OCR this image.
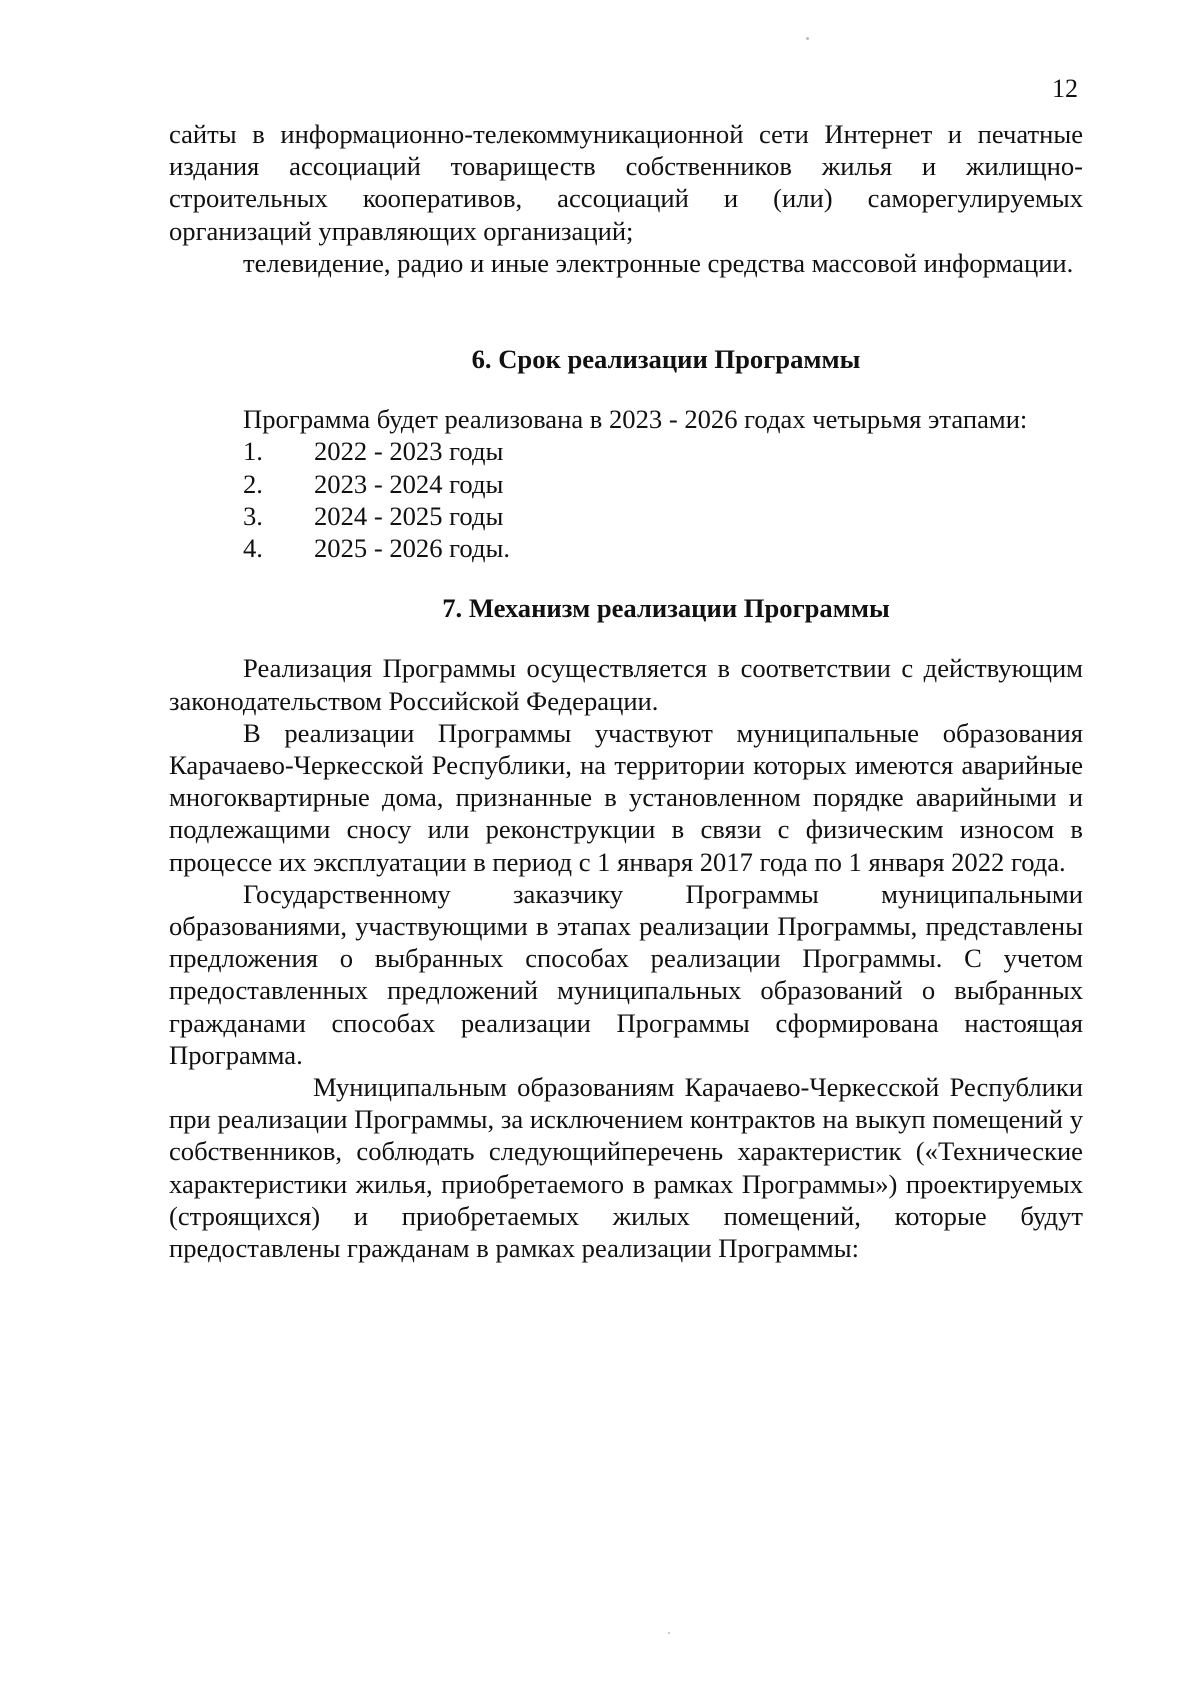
12

сайты в информационно-телекоммуникационной сети Интернет и печатные издания ассоциаций товариществ собственников жилья и жилищно-строительных кооперативов, ассоциаций и (или) саморегулируемых организаций управляющих организаций;

телевидение, радио и иные электронные средства массовой информации.

6. Срок реализации Программы

Программа будет реализована в 2023 - 2026 годах четырьмя этапами:

1.	2022 - 2023 годы
2.	2023 - 2024 годы
3.	2024 - 2025 годы
4.	2025 - 2026 годы.
7. Механизм реализации Программы

Реализация Программы осуществляется в соответствии с действующим законодательством Российской Федерации.

В реализации Программы участвуют муниципальные образования Карачаево-Черкесской Республики, на территории которых имеются аварийные многоквартирные дома, признанные в установленном порядке аварийными и подлежащими сносу или реконструкции в связи с физическим износом в процессе их эксплуатации в период с 1 января 2017 года по 1 января 2022 года.

Государственному заказчику Программы муниципальными образованиями, участвующими в этапах реализации Программы, представлены предложения о выбранных способах реализации Программы. С учетом предоставленных предложений муниципальных образований о выбранных гражданами способах реализации Программы сформирована настоящая Программа.

Муниципальным образованиям Карачаево-Черкесской Республики при реализации Программы, за исключением контрактов на выкуп помещений у собственников, соблюдать следующийперечень характеристик («Технические характеристики жилья, приобретаемого в рамках Программы») проектируемых (строящихся) и приобретаемых жилых помещений, которые будут предоставлены гражданам в рамках реализации Программы:
